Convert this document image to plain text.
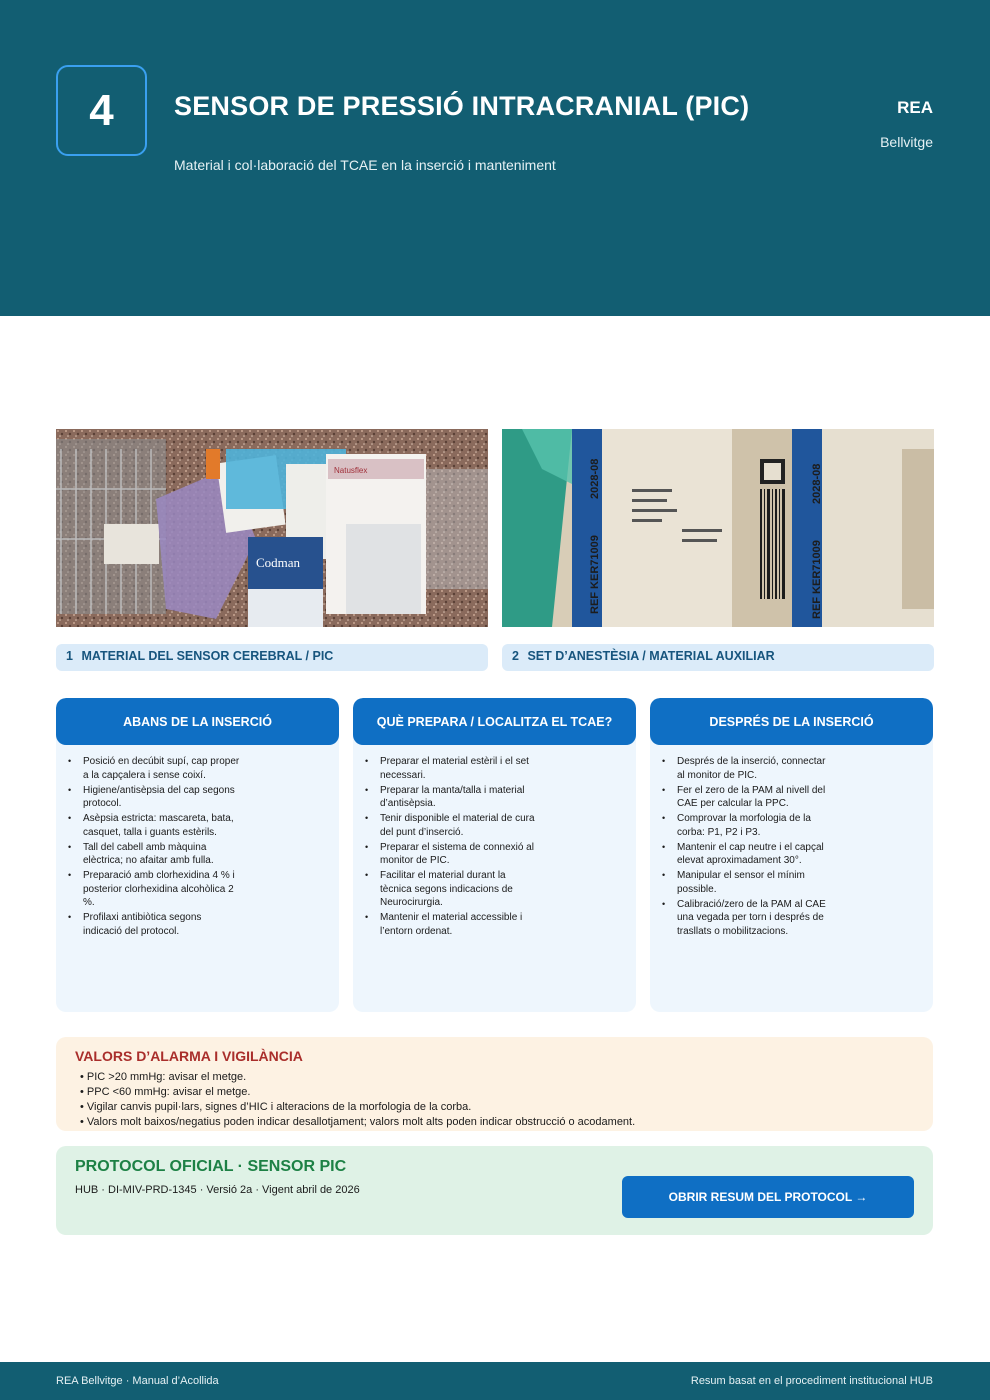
4	SENSOR DE PRESSIÓ INTRACRANIAL (PIC)
Material i col·laboració del TCAE en la inserció i manteniment
REA
Bellvitge
Natusflex
Codman	REF KER71009
2028-08
REF KER71009
2028-08
1 MATERIAL DEL SENSOR CEREBRAL / PIC	2 SET D’ANESTÈSIA / MATERIAL AUXILIAR
ABANS DE LA INSERCIÓ
• Posició en decúbit supí, cap proper a la capçalera i sense coixí.
• Higiene/antisèpsia del cap segons protocol.
• Asèpsia estricta: mascareta, bata, casquet, talla i guants estèrils.
• Tall del cabell amb màquina elèctrica; no afaitar amb fulla.
• Preparació amb clorhexidina 4 % i posterior clorhexidina alcohòlica 2 %.
• Profilaxi antibiòtica segons indicació del protocol.
QUÈ PREPARA / LOCALITZA EL TCAE?
• Preparar el material estèril i el set necessari.
• Preparar la manta/talla i material d’antisèpsia.
• Tenir disponible el material de cura del punt d’inserció.
• Preparar el sistema de connexió al monitor de PIC.
• Facilitar el material durant la tècnica segons indicacions de Neurocirurgia.
• Mantenir el material accessible i l’entorn ordenat.
DESPRÉS DE LA INSERCIÓ
• Després de la inserció, connectar al monitor de PIC.
• Fer el zero de la PAM al nivell del CAE per calcular la PPC.
• Comprovar la morfologia de la corba: P1, P2 i P3.
• Mantenir el cap neutre i el capçal elevat aproximadament 30°.
• Manipular el sensor el mínim possible.
• Calibració/zero de la PAM al CAE una vegada per torn i després de trasllats o mobilitzacions.
VALORS D’ALARMA I VIGILÀNCIA
• PIC >20 mmHg: avisar el metge.
• PPC <60 mmHg: avisar el metge.
• Vigilar canvis pupil·lars, signes d’HIC i alteracions de la morfologia de la corba.
• Valors molt baixos/negatius poden indicar desallotjament; valors molt alts poden indicar obstrucció o acodament.
PROTOCOL OFICIAL · SENSOR PIC
HUB · DI-MIV-PRD-1345 · Versió 2a · Vigent abril de 2026	OBRIR RESUM DEL PROTOCOL →
REA Bellvitge · Manual d’Acollida	Resum basat en el procediment institucional HUB
